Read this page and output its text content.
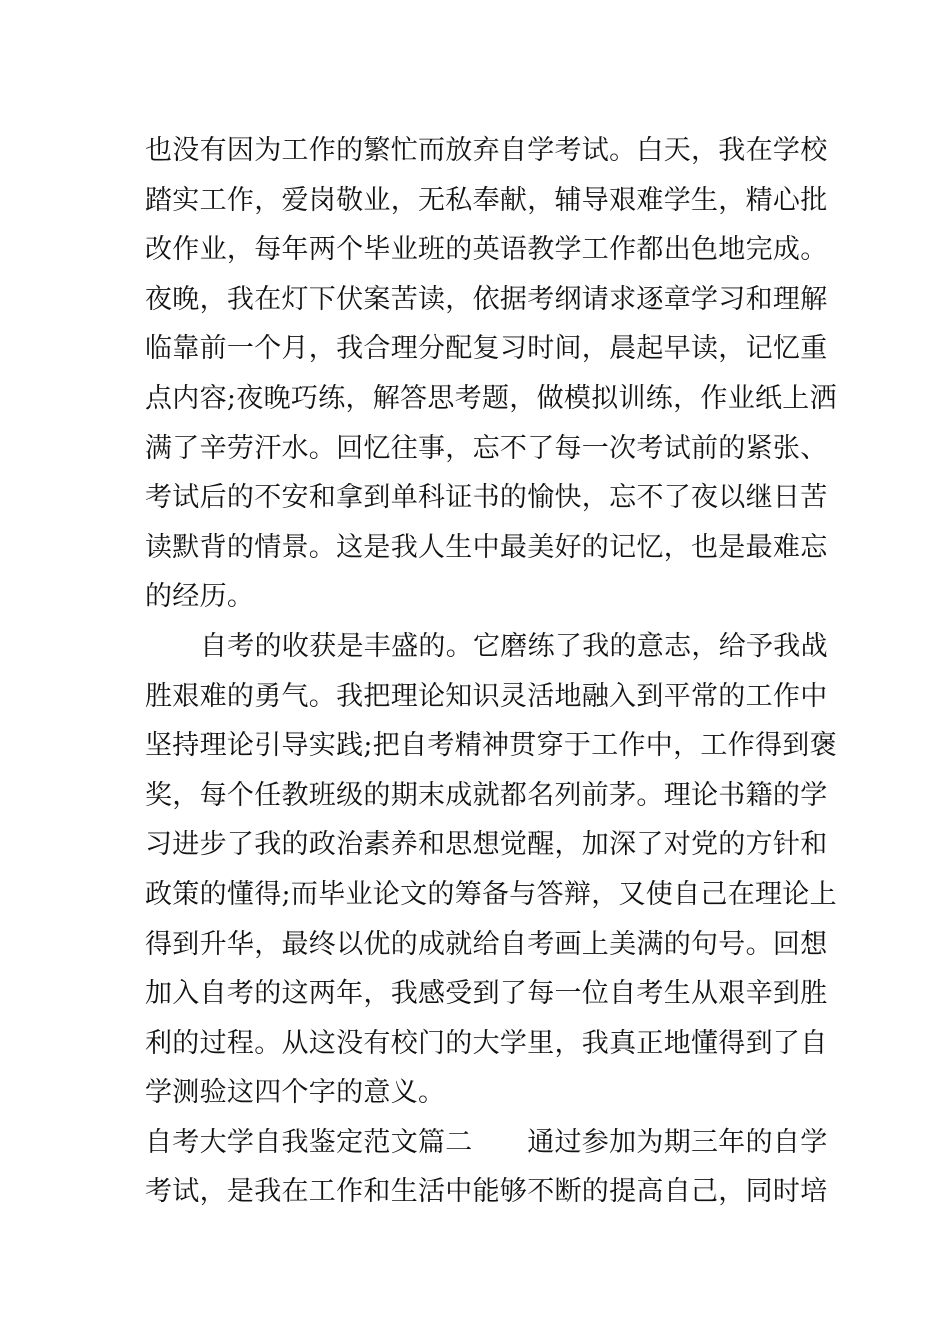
也没有因为工作的繁忙而放弃自学考试。白天，我在学校
踏实工作，爱岗敬业，无私奉献，辅导艰难学生，精心批
改作业，每年两个毕业班的英语教学工作都出色地完成。
夜晚，我在灯下伏案苦读，依据考纲请求逐章学习和理解
临靠前一个月，我合理分配复习时间，晨起早读，记忆重
点内容;夜晚巧练，解答思考题，做模拟训练，作业纸上洒
满了辛劳汗水。回忆往事，忘不了每一次考试前的紧张、
考试后的不安和拿到单科证书的愉快，忘不了夜以继日苦
读默背的情景。这是我人生中最美好的记忆，也是最难忘
的经历。
自考的收获是丰盛的。它磨练了我的意志，给予我战
胜艰难的勇气。我把理论知识灵活地融入到平常的工作中
坚持理论引导实践;把自考精神贯穿于工作中，工作得到褒
奖，每个任教班级的期末成就都名列前茅。理论书籍的学
习进步了我的政治素养和思想觉醒，加深了对党的方针和
政策的懂得;而毕业论文的筹备与答辩，又使自己在理论上
得到升华，最终以优的成就给自考画上美满的句号。回想
加入自考的这两年，我感受到了每一位自考生从艰辛到胜
利的过程。从这没有校门的大学里，我真正地懂得到了自
学测验这四个字的意义。
自考大学自我鉴定范文篇二　　通过参加为期三年的自学
考试，是我在工作和生活中能够不断的提高自己，同时培
